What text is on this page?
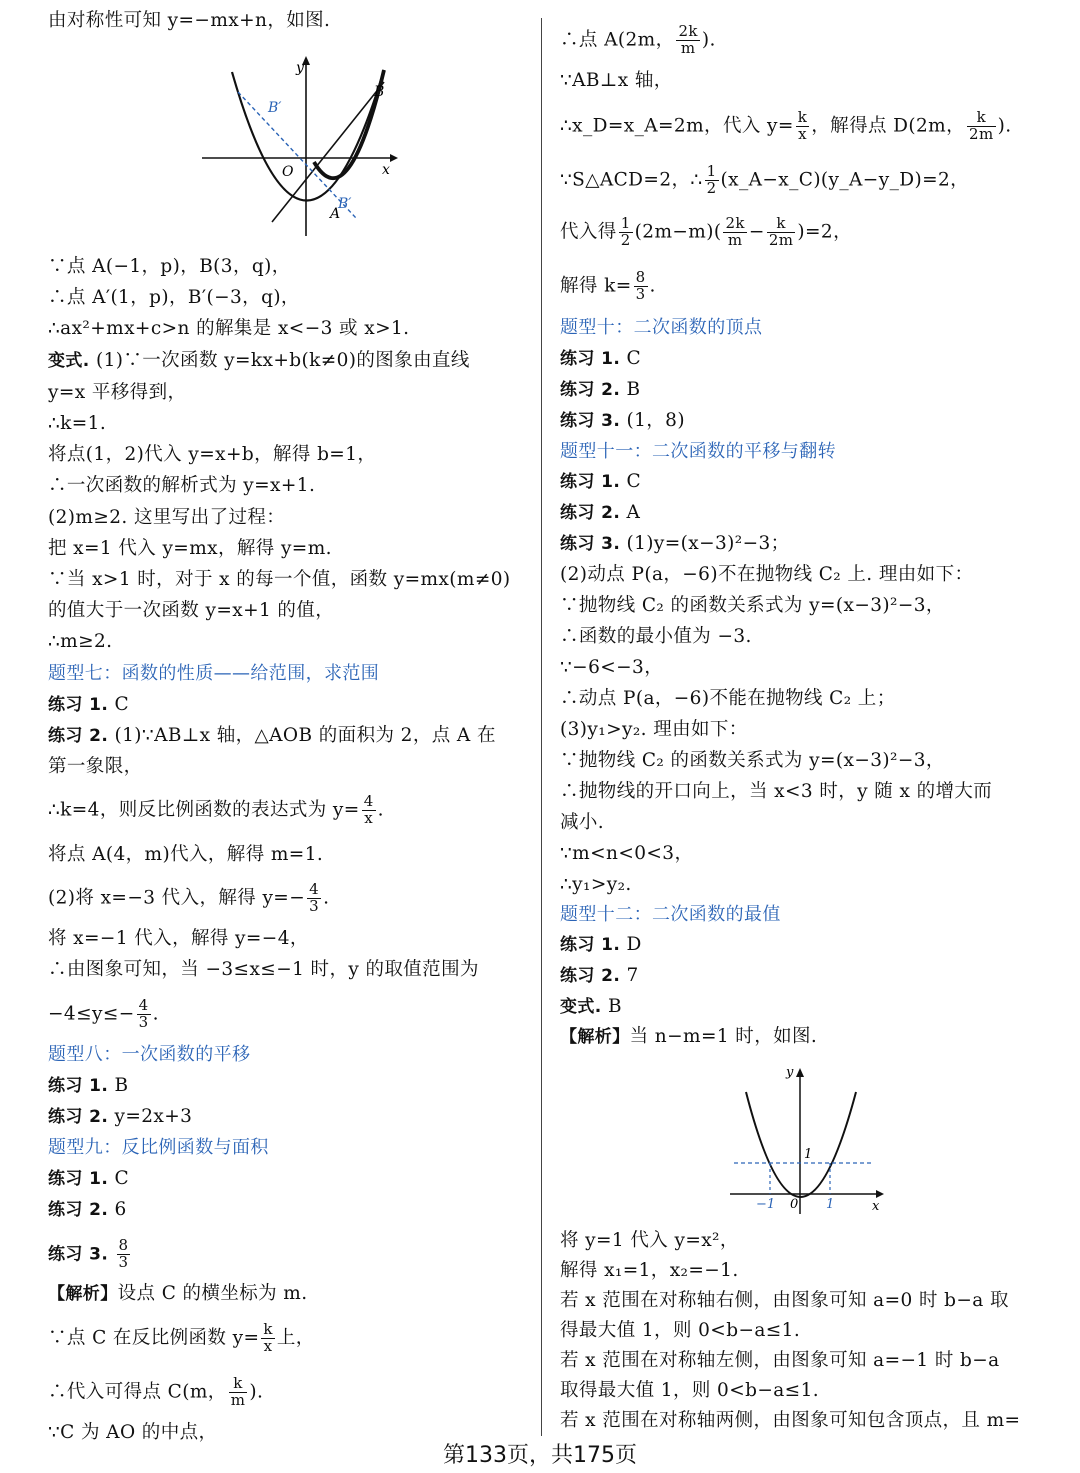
由对称性可知 y=−mx+n，如图.
y
x
O
B
B′
B′
A
∵点 A(−1，p)，B(3，q)，
∴点 A′(1，p)，B′(−3，q)，
∴ax²+mx+c>n 的解集是 x<−3 或 x>1.
变式. (1)∵一次函数 y=kx+b(k≠0)的图象由直线
y=x 平移得到，
∴k=1.
将点(1，2)代入 y=x+b，解得 b=1，
∴一次函数的解析式为 y=x+1.
(2)m≥2. 这里写出了过程：
把 x=1 代入 y=mx，解得 y=m.
∵当 x>1 时，对于 x 的每一个值，函数 y=mx(m≠0)
的值大于一次函数 y=x+1 的值，
∴m≥2.
题型七：函数的性质——给范围，求范围
练习 1. C
练习 2. (1)∵AB⊥x 轴，△AOB 的面积为 2，点 A 在
第一象限，
∴k=4，则反比例函数的表达式为 $y= \frac{4}{x}$ .
将点 A(4，m)代入，解得 m=1.
(2)将 x=−3 代入，解得 $y=- \frac{4}{3}$ .
将 x=−1 代入，解得 y=−4，
∴由图象可知，当 −3≤x≤−1 时，y 的取值范围为
$-4\le y\le- \frac{4}{3}$ .
题型八：一次函数的平移
练习 1. B
练习 2. y=2x+3
题型九：反比例函数与面积
练习 1. C
练习 2. 6
练习 3. $\frac{8}{3}$
【解析】设点 C 的横坐标为 m.
∵点 C 在反比例函数 $y= \frac{k}{x}$ 上，
∴代入可得点 C(m， $\frac{k}{m}$ ).
∵C 为 AO 的中点，
∴点 A(2m， $\frac{2k}{m}$ ).
∵AB⊥x 轴，
∴x_D=x_A=2m，代入 $y= \frac{k}{x}$ ，解得点 D(2m， $\frac{k}{2m}$ ).
∵S△ACD=2，∴ $\frac{1}{2}$ (x_A−x_C)(y_A−y_D)=2，
代入得 $\frac{1}{2} (2m-m)( \frac{2k}{m} - \frac{k}{2m} )=2$，
解得 $k= \frac{8}{3}$ .
题型十：二次函数的顶点
练习 1. C
练习 2. B
练习 3. (1，8)
题型十一：二次函数的平移与翻转
练习 1. C
练习 2. A
练习 3. (1)y=(x−3)²−3；
(2)动点 P(a，−6)不在抛物线 C₂ 上. 理由如下：
∵抛物线 C₂ 的函数关系式为 y=(x−3)²−3，
∴函数的最小值为 −3.
∵−6<−3，
∴动点 P(a，−6)不能在抛物线 C₂ 上；
(3)y₁>y₂. 理由如下：
∵抛物线 C₂ 的函数关系式为 y=(x−3)²−3，
∴抛物线的开口向上，当 x<3 时，y 随 x 的增大而
减小.
∵m<n<0<3，
∴y₁>y₂.
题型十二：二次函数的最值
练习 1. D
练习 2. 7
变式. B
【解析】当 n−m=1 时，如图.
y
x
0
−1	1
1
将 y=1 代入 y=x²，
解得 x₁=1，x₂=−1.
若 x 范围在对称轴右侧，由图象可知 a=0 时 b−a 取
得最大值 1，则 0<b−a≤1.
若 x 范围在对称轴左侧，由图象可知 a=−1 时 b−a
取得最大值 1，则 0<b−a≤1.
若 x 范围在对称轴两侧，由图象可知包含顶点，且 m=
第133页，共175页
